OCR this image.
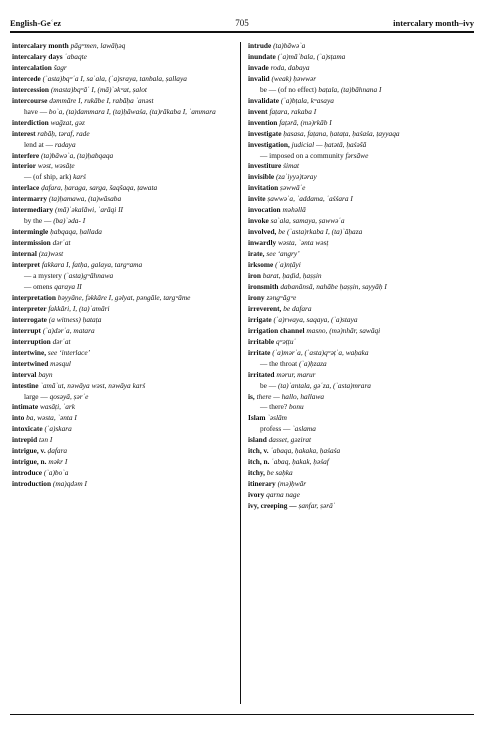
English-Geʿez	705	intercalary month–ivy
intercalary month pāgʷmen, lawāḥəq
intercalary days ʿabaqte
intercalation šagr
intercede (ʾasta)bqʷʿa I, saʾala, (ʾa)sraya, tanbala, ṣallaya
intercession (masta)bqʷāʿ I, (mā)ʾəkʷat, ṣalot
intercourse dəmmāre I, rukābe I, rabāḥa ʾanəst
have — boʾa, (ta)dammara I, (ta)ḥāwaśa, (ta)rākaba I, ʿammara
interdiction waḡzat, gəz
interest rabāḥ, təraf, rade
lend at — radaya
interfere (ta)bāwəʾa, (ta)ḥabqaqa
interior wəst, wəsāṭe
— (of ship, ark) karś
interlace ḍafara, ḥaraga, sarga, šaqšaqa, ṭawata
intermarry (ta)ḥamawa, (ta)wāsaba
intermediary (mā)ʾəkalāwi, ʾarāqi II
by the — (ba)ʾəda- I
intermingle ḥabqaqa, ḥallada
intermission dərʿat
internal (za)wəst
interpret fakkara I, fatḥa, galaya, targʷama
— a mystery (ʾasta)gʷāhnawa
— omens qaraya II
interpretation bəyyāne, fəkkāre I, gəlyat, pəngāle, targʷāme
interpreter fakkāri, I, (ta)ʾamāri
interrogate (a witness) ḥataṭa
interrupt (ʾa)dərʿa, matara
interruption dərʿat
intertwine, see ʻinterlaceʼ
intertwined məsqul
interval bayn
intestine ʾamāʾut, nəwāya wəst, nəwāya karś
large — qosəyā, ṣərʿe
intimate wasāṭi, ʿark
into ba, wəsta, ʾənta I
intoxicate (ʾa)skara
intrepid tən I
intrigue, v. ḍafara
intrigue, n. məkr I
introduce (ʾa)boʾa
introduction (ma)qdəm I
intrude (ta)bāwəʾa
inundate (ʾa)māʾbala, (ʾa)sṭama
invade roda, dabaya
invalid (weak) ḥəwwər
be — (of no effect) baṭala, (ta)bāhnana I
invalidate (ʾa)bṭala, kʷasaya
invent faṭara, rakaba I
invention faṭərā, (mə)rkāb I
investigate ḥasasa, faṭana, ḥataṭa, ḥaśaśa, ṭayyaqa
investigation, judicial — ḥatətā, ḥaśəšā
— imposed on a community fərsāwe
investiture śimat
invisible (zaʾiyyə)təray
invitation ṣəwwāʿe
invite ṣawwəʿa, ʿaddama, ʿaśśara I
invocation məhəllā
invoke saʾala, samaya, ṣawwəʿa
involved, be (ʾasta)rkaba I, (ta)ʾāḥaza
inwardly wəsta, ʾənta wəsṭ
irate, see ʻangryʼ
irksome (ʾa)nṭāyi
iron barat, ḥaḍid, ḥaṣṣin
ironsmith dabanānsā, nahābe ḥaṣṣin, sayyāḥ I
irony zəngʷāgʷe
irreverent, be dafara
irrigate (ʾa)rwaya, saqaya, (ʾa)staya
irrigation channel masno, (mə)nhār, sawāqi
irritable qʷəṭṭuʿ
irritate (ʾa)mərʾa, (ʾasta)qʷəṭʿa, waḥaka
— the throat (ʾa)ḥzaza
irritated mərur, marur
be — (ta)ʾantala, gəʿza, (ʾasta)mrara
is, there — hallo, hallawa
— there? bonu
Islam ʾəslām
profess — ʾaslama
island dasset, gəzirat
itch, v. ʿabaqa, ḥakaka, ḥaśaśa
itch, n. ʿabaq, ḥakak, ḥəśaf
itchy, be saḥka
itinerary (mə)ḥwār
ivory qarna nage
ivy, creeping — ṣanfar, ṣərāʿ
